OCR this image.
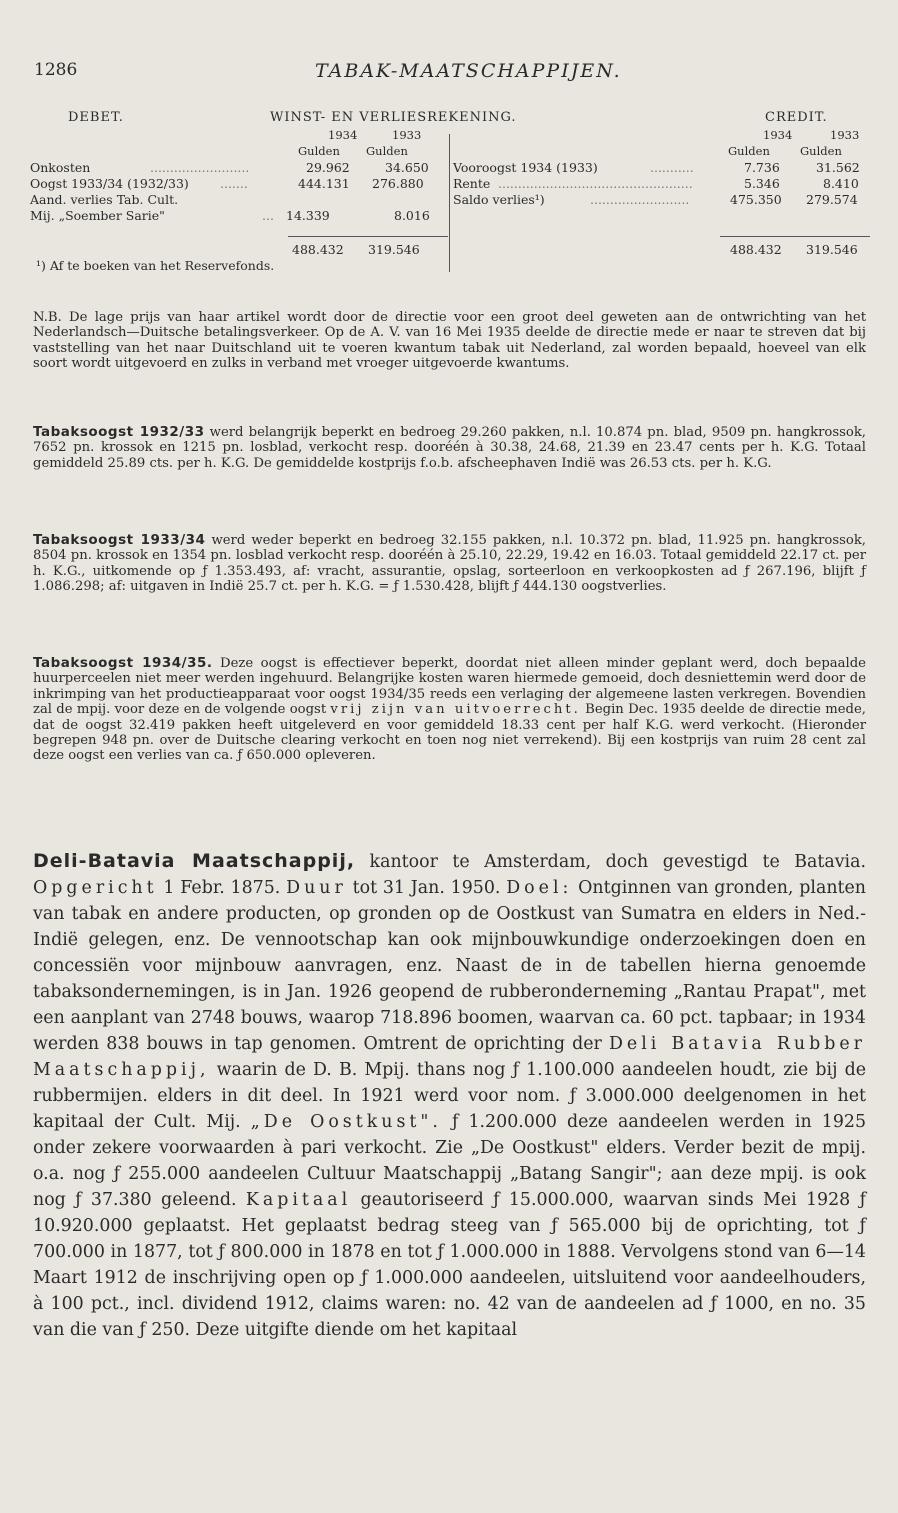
1286	TABAK-MAATSCHAPPIJEN.
DEBET.	WINST- EN VERLIESREKENING.	CREDIT.
1934	1933
Gulden Gulden
1934	1933
Gulden	Gulden
Onkosten	.........................	29.962	34.650
Oogst 1933/34 (1932/33) .......	444.131 276.880
Aand. verlies Tab. Cult.
Mij. „Soember Sarie"	... 14.339	8.016
488.432 319.546
Vooroogst 1934 (1933)	...........	7.736	31.562
Rente .................................................	5.346	8.410
Saldo verlies¹)	.........................	475.350 279.574
488.432 319.546
¹) Af te boeken van het Reservefonds.

N.B. De lage prijs van haar artikel wordt door de directie voor een groot deel geweten aan de ontwrichting van het Nederlandsch—Duitsche betalingsverkeer. Op de A. V. van 16 Mei 1935 deelde de directie mede er naar te streven dat bij vaststelling van het naar Duitschland uit te voeren kwantum tabak uit Nederland, zal worden bepaald, hoeveel van elk soort wordt uitgevoerd en zulks in verband met vroeger uitgevoerde kwantums.

Tabaksoogst 1932/33 werd belangrijk beperkt en bedroeg 29.260 pakken, n.l. 10.874 pn. blad, 9509 pn. hangkrossok, 7652 pn. krossok en 1215 pn. losblad, verkocht resp. dooréén à 30.38, 24.68, 21.39 en 23.47 cents per h. K.G. Totaal gemiddeld 25.89 cts. per h. K.G. De gemiddelde kostprijs f.o.b. afscheephaven Indië was 26.53 cts. per h. K.G.

Tabaksoogst 1933/34 werd weder beperkt en bedroeg 32.155 pakken, n.l. 10.372 pn. blad, 11.925 pn. hangkrossok, 8504 pn. krossok en 1354 pn. losblad verkocht resp. dooréén à 25.10, 22.29, 19.42 en 16.03. Totaal gemiddeld 22.17 ct. per h. K.G., uitkomende op ƒ 1.353.493, af: vracht, assurantie, opslag, sorteerloon en verkoopkosten ad ƒ 267.196, blijft ƒ 1.086.298; af: uitgaven in Indië 25.7 ct. per h. K.G. = ƒ 1.530.428, blijft ƒ 444.130 oogstverlies.

Tabaksoogst 1934/35. Deze oogst is effectiever beperkt, doordat niet alleen minder geplant werd, doch bepaalde huurperceelen niet meer werden ingehuurd. Belangrijke kosten waren hiermede gemoeid, doch desniettemin werd door de inkrimping van het productieapparaat voor oogst 1934/35 reeds een verlaging der algemeene lasten verkregen. Bovendien zal de mpij. voor deze en de volgende oogst vrij zijn van uitvoerrecht. Begin Dec. 1935 deelde de directie mede, dat de oogst 32.419 pakken heeft uitgeleverd en voor gemiddeld 18.33 cent per half K.G. werd verkocht. (Hieronder begrepen 948 pn. over de Duitsche clearing verkocht en toen nog niet verrekend). Bij een kostprijs van ruim 28 cent zal deze oogst een verlies van ca. ƒ 650.000 opleveren.

Deli-Batavia Maatschappij, kantoor te Amsterdam, doch gevestigd te Batavia. Opgericht 1 Febr. 1875. Duur tot 31 Jan. 1950. Doel: Ontginnen van gronden, planten van tabak en andere producten, op gronden op de Oostkust van Sumatra en elders in Ned.-Indië gelegen, enz. De vennootschap kan ook mijnbouwkundige onderzoekingen doen en concessiën voor mijnbouw aanvragen, enz. Naast de in de tabellen hierna genoemde tabaksondernemingen, is in Jan. 1926 geopend de rubberonderneming „Rantau Prapat", met een aanplant van 2748 bouws, waarop 718.896 boomen, waarvan ca. 60 pct. tapbaar; in 1934 werden 838 bouws in tap genomen. Omtrent de oprichting der Deli Batavia Rubber Maatschappij, waarin de D. B. Mpij. thans nog ƒ 1.100.000 aandeelen houdt, zie bij de rubbermijen. elders in dit deel. In 1921 werd voor nom. ƒ 3.000.000 deelgenomen in het kapitaal der Cult. Mij. „De Oostkust". ƒ 1.200.000 deze aandeelen werden in 1925 onder zekere voorwaarden à pari verkocht. Zie „De Oostkust" elders. Verder bezit de mpij. o.a. nog ƒ 255.000 aandeelen Cultuur Maatschappij „Batang Sangir"; aan deze mpij. is ook nog ƒ 37.380 geleend. Kapitaal geautoriseerd ƒ 15.000.000, waarvan sinds Mei 1928 ƒ 10.920.000 geplaatst. Het geplaatst bedrag steeg van ƒ 565.000 bij de oprichting, tot ƒ 700.000 in 1877, tot ƒ 800.000 in 1878 en tot ƒ 1.000.000 in 1888. Vervolgens stond van 6—14 Maart 1912 de inschrijving open op ƒ 1.000.000 aandeelen, uitsluitend voor aandeelhouders, à 100 pct., incl. dividend 1912, claims waren: no. 42 van de aandeelen ad ƒ 1000, en no. 35 van die van ƒ 250. Deze uitgifte diende om het kapitaal
